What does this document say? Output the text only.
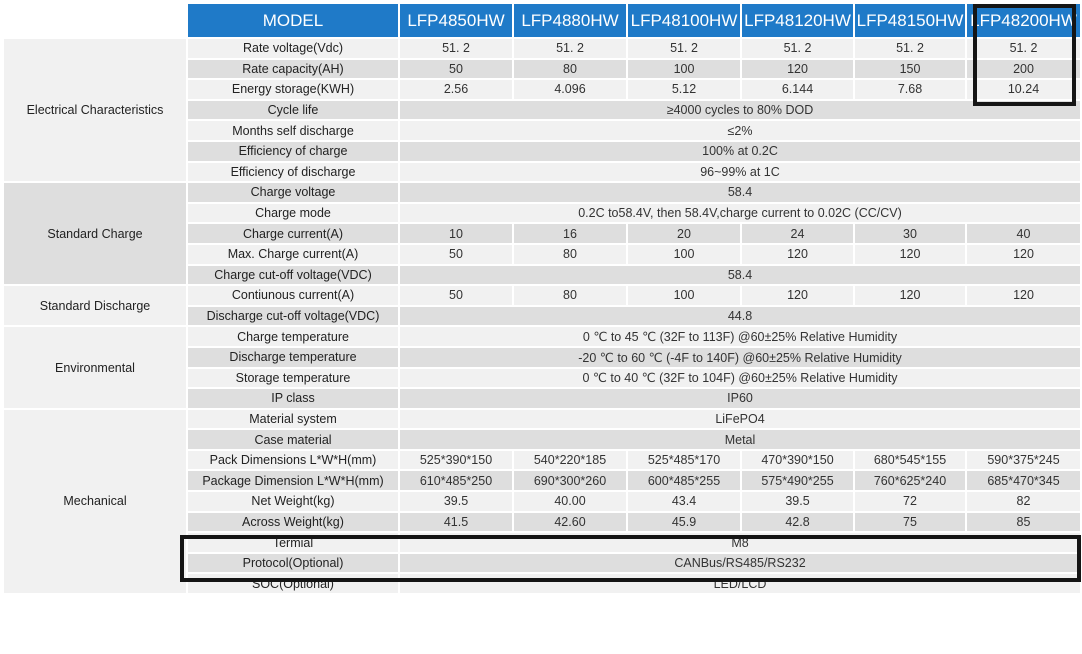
	MODEL	LFP4850HW	LFP4880HW	LFP48100HW	LFP48120HW	LFP48150HW	LFP48200HW
Electrical Characteristics	Rate voltage(Vdc)	51. 2	51. 2	51. 2	51. 2	51. 2	51. 2
	Rate capacity(AH)	50	80	100	120	150	200
	Energy storage(KWH)	2.56	4.096	5.12	6.144	7.68	10.24
	Cycle life	≥4000 cycles to 80% DOD					
	Months self discharge	≤2%					
	Efficiency of charge	100% at 0.2C					
	Efficiency of discharge	96~99% at 1C					
Standard Charge	Charge voltage	58.4					
	Charge mode	0.2C to58.4V, then 58.4V,charge current to 0.02C (CC/CV)					
	Charge current(A)	10	16	20	24	30	40
	Max. Charge current(A)	50	80	100	120	120	120
	Charge cut-off voltage(VDC)	58.4					
Standard Discharge	Contiunous current(A)	50	80	100	120	120	120
	Discharge cut-off voltage(VDC)	44.8					
Environmental	Charge temperature	0 ℃ to 45 ℃ (32F to 113F) @60±25% Relative Humidity					
	Discharge temperature	-20 ℃ to 60 ℃ (-4F to 140F) @60±25% Relative Humidity					
	Storage temperature	0 ℃ to 40 ℃ (32F to 104F) @60±25% Relative Humidity					
	IP class	IP60					
Mechanical	Material system	LiFePO4					
	Case material	Metal					
	Pack Dimensions L*W*H(mm)	525*390*150	540*220*185	525*485*170	470*390*150	680*545*155	590*375*245
	Package Dimension L*W*H(mm)	610*485*250	690*300*260	600*485*255	575*490*255	760*625*240	685*470*345
	Net Weight(kg)	39.5	40.00	43.4	39.5	72	82
	Across Weight(kg)	41.5	42.60	45.9	42.8	75	85
	Termial	M8					
	Protocol(Optional)	CANBus/RS485/RS232					
	SOC(Optional)	LED/LCD					
